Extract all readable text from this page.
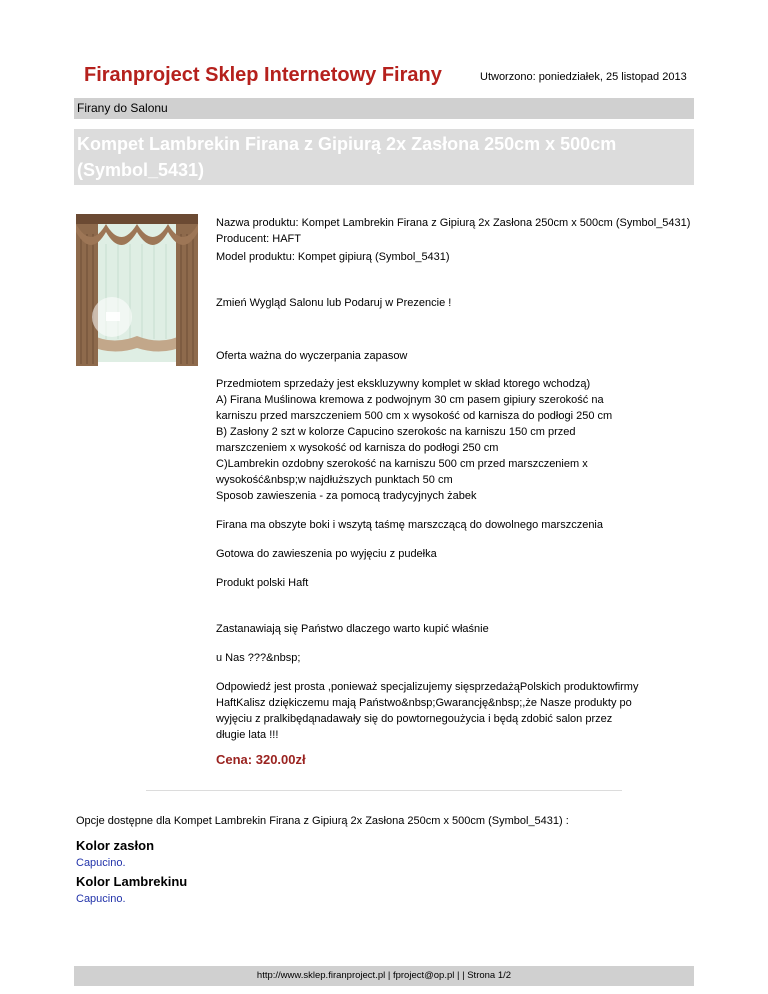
Firanproject Sklep Internetowy Firany	Utworzono: poniedziałek, 25 listopad 2013
Firany do Salonu
Kompet Lambrekin Firana z Gipiurą 2x Zasłona 250cm x 500cm (Symbol_5431)

Nazwa produktu: Kompet Lambrekin Firana z Gipiurą 2x Zasłona 250cm x 500cm (Symbol_5431)

Producent: HAFT

Model produktu: Kompet gipiurą (Symbol_5431)

Zmień Wygląd Salonu lub Podaruj w Prezencie !

Oferta ważna do wyczerpania zapasow

Przedmiotem sprzedaży jest ekskluzywny komplet w skład ktorego wchodzą)

A) Firana Muślinowa kremowa z podwojnym 30 cm pasem gipiury szerokość na

karniszu przed marszczeniem 500 cm x wysokość od karnisza do podłogi 250 cm

B) Zasłony 2 szt w kolorze Capucino szerokośc na karniszu 150 cm przed

marszczeniem x wysokość od karnisza do podłogi 250 cm

C)Lambrekin ozdobny szerokość na karniszu 500 cm przed marszczeniem x

wysokość&nbsp;w najdłuższych punktach 50 cm

Sposob zawieszenia - za pomocą tradycyjnych żabek

Firana ma obszyte boki i wszytą taśmę marszczącą do dowolnego marszczenia

Gotowa do zawieszenia po wyjęciu z pudełka

Produkt polski Haft

Zastanawiają się Państwo dlaczego warto kupić właśnie

u Nas ???&nbsp;

Odpowiedź jest prosta ,ponieważ specjalizujemy sięsprzedażąPolskich produktowfirmy

HaftKalisz dziękiczemu mają Państwo&nbsp;Gwarancję&nbsp;,że Nasze produkty po

wyjęciu z pralkibędąnadawały się do powtornegoużycia i będą zdobić salon przez

długie lata !!!

Cena: 320.00zł
Opcje dostępne dla Kompet Lambrekin Firana z Gipiurą 2x Zasłona 250cm x 500cm (Symbol_5431) :
Kolor zasłon
Capucino.
Kolor Lambrekinu
Capucino.
http://www.sklep.firanproject.pl | fproject@op.pl | | Strona 1/2
